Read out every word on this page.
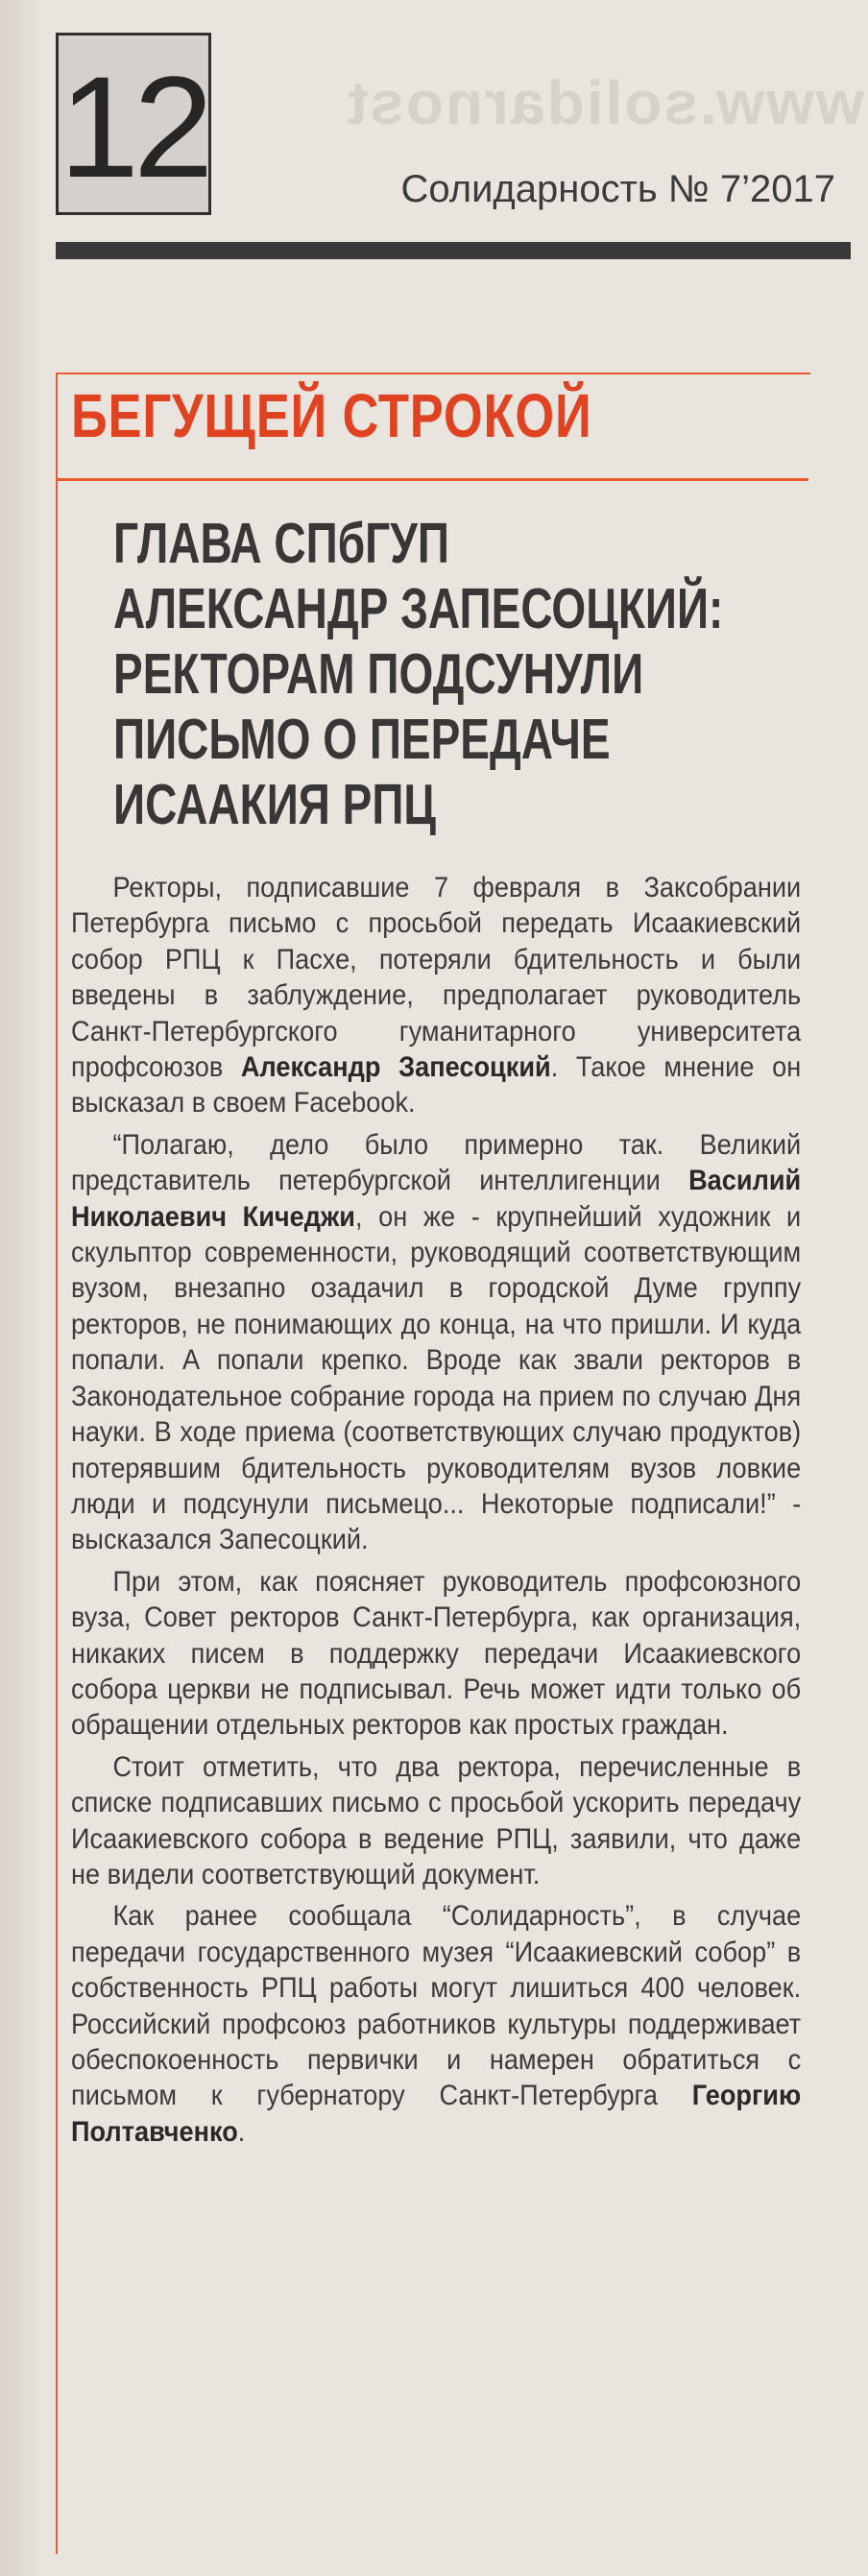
www.solidarnost
12	Солидарность № 7’2017
БЕГУЩЕЙ СТРОКОЙ
ГЛАВА СПбГУП
АЛЕКСАНДР ЗАПЕСОЦКИЙ:
РЕКТОРАМ ПОДСУНУЛИ
ПИСЬМО О ПЕРЕДАЧЕ
ИСААКИЯ РПЦ

Ректоры, подписавшие 7 февраля в Заксобрании Петербурга письмо с просьбой передать Исаакиевский собор РПЦ к Пасхе, потеряли бдительность и были введены в заблуждение, предполагает руководитель Санкт-Петербургского гуманитарного университета профсоюзов Александр Запесоцкий. Такое мнение он высказал в своем Facebook.

“Полагаю, дело было примерно так. Великий представитель петербургской интеллигенции Василий Николаевич Кичеджи, он же - крупнейший художник и скульптор современности, руководящий соответствующим вузом, внезапно озадачил в городской Думе группу ректоров, не понимающих до конца, на что пришли. И куда попали. А попали крепко. Вроде как звали ректоров в Законодательное собрание города на прием по случаю Дня науки. В ходе приема (соответствующих случаю продуктов) потерявшим бдительность руководителям вузов ловкие люди и подсунули письмецо... Некоторые подписали!” - высказался Запесоцкий.

При этом, как поясняет руководитель профсоюзного вуза, Совет ректоров Санкт-Петербурга, как организация, никаких писем в поддержку передачи Исаакиевского собора церкви не подписывал. Речь может идти только об обращении отдельных ректоров как простых граждан.

Стоит отметить, что два ректора, перечисленные в списке подписавших письмо с просьбой ускорить передачу Исаакиевского собора в ведение РПЦ, заявили, что даже не видели соответствующий документ.

Как ранее сообщала “Солидарность”, в случае передачи государственного музея “Исаакиевский собор” в собственность РПЦ работы могут лишиться 400 человек. Российский профсоюз работников культуры поддерживает обеспокоенность первички и намерен обратиться с письмом к губернатору Санкт-Петербурга Георгию Полтавченко.
